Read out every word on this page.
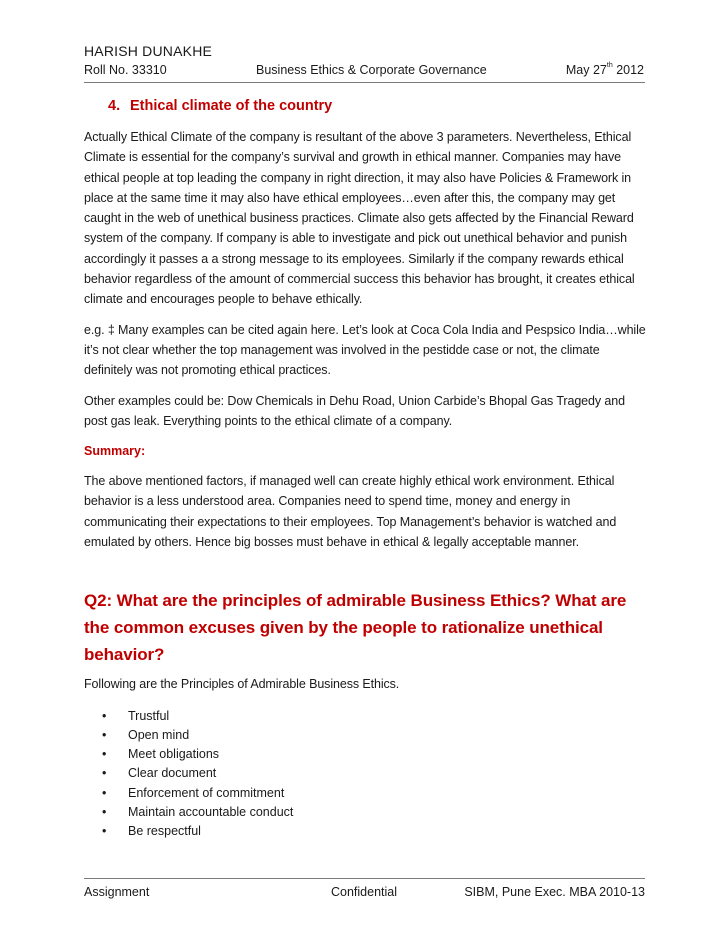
HARISH DUNAKHE
Roll No. 33310	Business Ethics & Corporate Governance	May 27th 2012
4. Ethical climate of the country

Actually Ethical Climate of the company is resultant of the above 3 parameters. Nevertheless, Ethical Climate is essential for the company’s survival and growth in ethical manner. Companies may have ethical people at top leading the company in right direction, it may also have Policies & Framework in place at the same time it may also have ethical employees…even after this, the company may get caught in the web of unethical business practices. Climate also gets affected by the Financial Reward system of the company. If company is able to investigate and pick out unethical behavior and punish accordingly it passes a a strong message to its employees. Similarly if the company rewards ethical behavior regardless of the amount of commercial success this behavior has brought, it creates ethical climate and encourages people to behave ethically.

e.g. ‡ Many examples can be cited again here. Let’s look at Coca Cola India and Pespsico India…while it’s not clear whether the top management was involved in the pestidde case or not, the climate definitely was not promoting ethical practices.

Other examples could be: Dow Chemicals in Dehu Road, Union Carbide’s Bhopal Gas Tragedy and post gas leak. Everything points to the ethical climate of a company.

Summary:

The above mentioned factors, if managed well can create highly ethical work environment. Ethical behavior is a less understood area. Companies need to spend time, money and energy in communicating their expectations to their employees. Top Management’s behavior is watched and emulated by others. Hence big bosses must behave in ethical & legally acceptable manner.

Q2: What are the principles of admirable Business Ethics? What are the common excuses given by the people to rationalize unethical behavior?

Following are the Principles of Admirable Business Ethics.

• Trustful
• Open mind
• Meet obligations
• Clear document
• Enforcement of commitment
• Maintain accountable conduct
• Be respectful
Assignment	Confidential	SIBM, Pune Exec. MBA 2010-13
